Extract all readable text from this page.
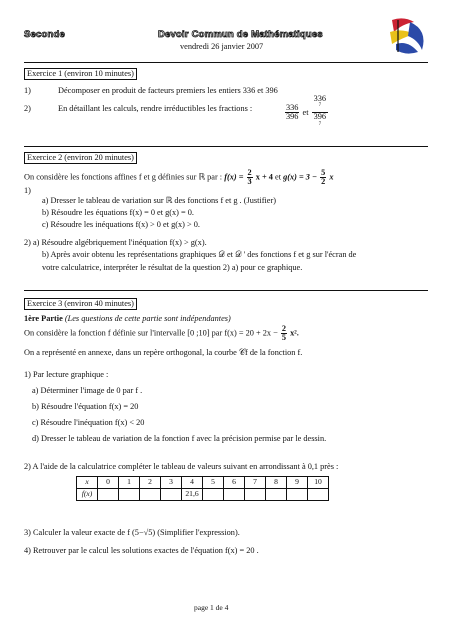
Seconde	Devoir Commun de Mathématiques
vendredi 26 janvier 2007
Exercice 1 (environ 10 minutes)
1)	Décomposer en produit de facteurs premiers les entiers 336 et 396
2)	En détaillant les calculs, rendre irréductibles les fractions :	$\frac{336}{396}$ et 336
$^7$
396
$^7$
Exercice 2 (environ 20 minutes)
On considère les fonctions affines f et g définies sur ℝ par : $f(x) = \frac{2}{3}$ x + 4 et $g(x) = 3 - \frac{5}{2}$ x
1)
a) Dresser le tableau de variation sur ℝ des fonctions f et g . (Justifier)
b) Résoudre les équations f(x) = 0 et g(x) = 0.
c) Résoudre les inéquations f(x) > 0 et g(x) > 0.
2) a) Résoudre algébriquement l'inéquation f(x) > g(x).
b) Après avoir obtenu les représentations graphiques 𝒟 et 𝒟 ' des fonctions f et g sur l'écran de
votre calculatrice, interpréter le résultat de la question 2) a) pour ce graphique.
Exercice 3 (environ 40 minutes)
1ère Partie (Les questions de cette partie sont indépendantes)
On considère la fonction f définie sur l'intervalle [0 ;10] par $f(x) = 20 + 2x - \frac{2}{5} x^2$.
On a représenté en annexe, dans un repère orthogonal, la courbe 𝒞f de la fonction f.
1) Par lecture graphique :
a) Déterminer l'image de 0 par f .
b) Résoudre l'équation f(x) = 20
c) Résoudre l'inéquation f(x) < 20
d) Dresser le tableau de variation de la fonction f avec la précision permise par le dessin.
2) A l'aide de la calculatrice compléter le tableau de valeurs suivant en arrondissant à 0,1 près :
x	0	1	2	3	4	5	6	7	8	9	10
f(x)					21,6						
3) Calculer la valeur exacte de f (5−√5) (Simplifier l'expression).
4) Retrouver par le calcul les solutions exactes de l'équation f(x) = 20 .
page 1 de 4
